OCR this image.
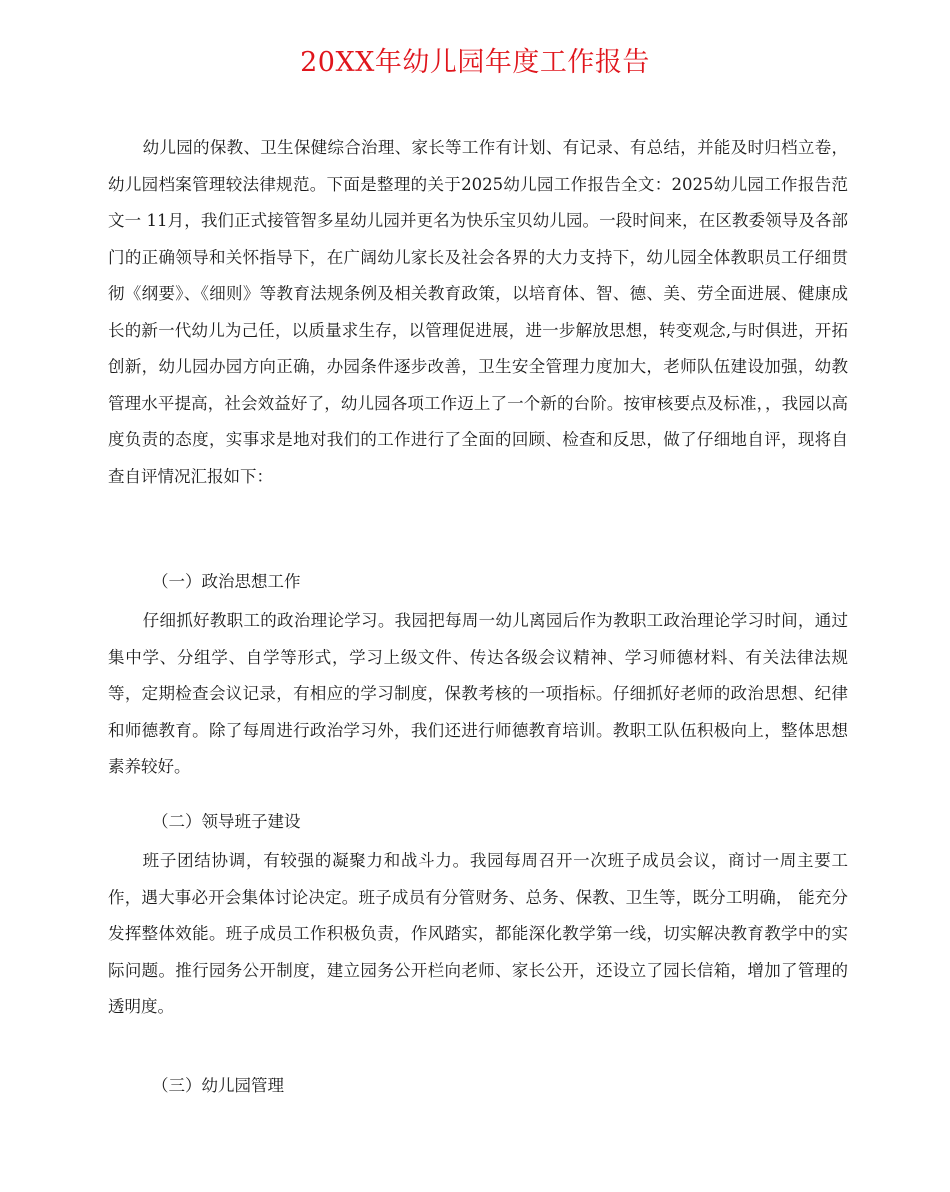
20XX年幼儿园年度工作报告

幼儿园的保教、卫生保健综合治理、家长等工作有计划、有记录、有总结，并能及时归档立卷，幼儿园档案管理较法律规范。下面是整理的关于2025幼儿园工作报告全文：2025幼儿园工作报告范文一 11月，我们正式接管智多星幼儿园并更名为快乐宝贝幼儿园。一段时间来，在区教委领导及各部门的正确领导和关怀指导下，在广阔幼儿家长及社会各界的大力支持下，幼儿园全体教职员工仔细贯彻《纲要》、《细则》等教育法规条例及相关教育政策，以培育体、智、德、美、劳全面进展、健康成长的新一代幼儿为己任，以质量求生存，以管理促进展，进一步解放思想，转变观念,与时俱进，开拓创新，幼儿园办园方向正确，办园条件逐步改善，卫生安全管理力度加大，老师队伍建设加强，幼教管理水平提高，社会效益好了，幼儿园各项工作迈上了一个新的台阶。按审核要点及标准，，我园以高度负责的态度，实事求是地对我们的工作进行了全面的回顾、检查和反思，做了仔细地自评，现将自查自评情况汇报如下：

（一）政治思想工作

仔细抓好教职工的政治理论学习。我园把每周一幼儿离园后作为教职工政治理论学习时间，通过集中学、分组学、自学等形式，学习上级文件、传达各级会议精神、学习师德材料、有关法律法规等，定期检查会议记录，有相应的学习制度，保教考核的一项指标。仔细抓好老师的政治思想、纪律和师德教育。除了每周进行政治学习外，我们还进行师德教育培训。教职工队伍积极向上，整体思想素养较好。

（二）领导班子建设

班子团结协调，有较强的凝聚力和战斗力。我园每周召开一次班子成员会议，商讨一周主要工作，遇大事必开会集体讨论决定。班子成员有分管财务、总务、保教、卫生等，既分工明确， 能充分发挥整体效能。班子成员工作积极负责，作风踏实，都能深化教学第一线，切实解决教育教学中的实际问题。推行园务公开制度，建立园务公开栏向老师、家长公开，还设立了园长信箱，增加了管理的透明度。

（三）幼儿园管理
